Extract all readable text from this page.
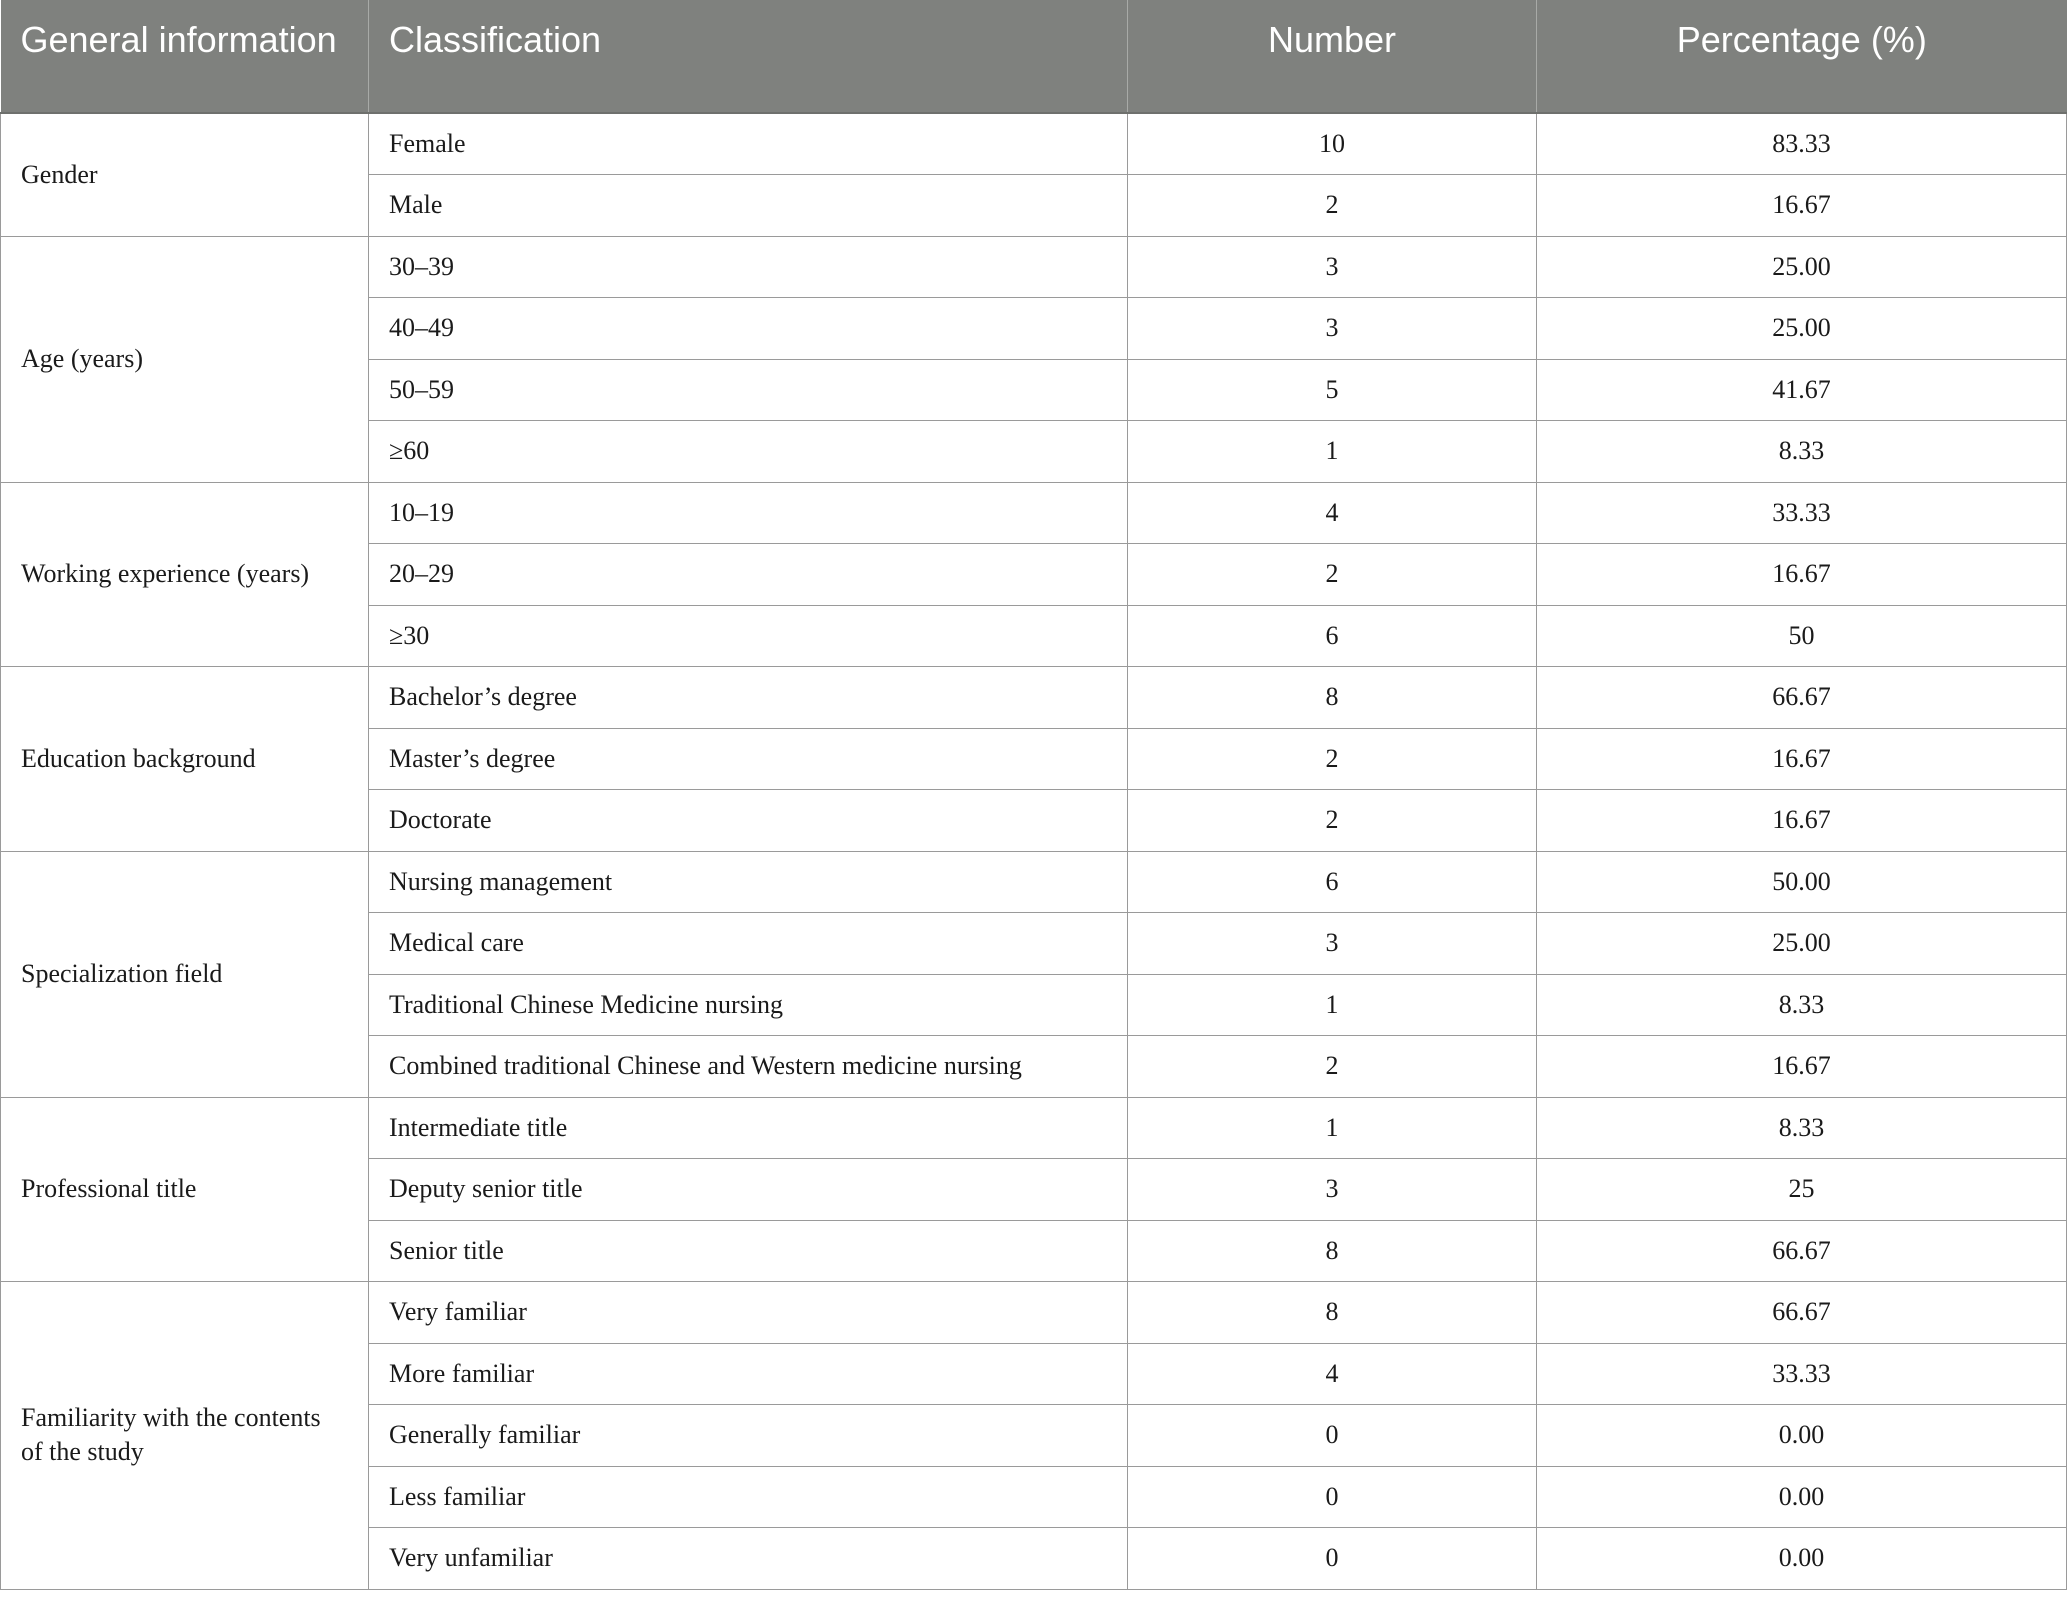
General information	Classification	Number	Percentage (%)
Gender	Female	10	83.33
	Male	2	16.67
Age (years)	30–39	3	25.00
	40–49	3	25.00
	50–59	5	41.67
	≥60	1	8.33
Working experience (years)	10–19	4	33.33
	20–29	2	16.67
	≥30	6	50
Education background	Bachelor’s degree	8	66.67
	Master’s degree	2	16.67
	Doctorate	2	16.67
Specialization field	Nursing management	6	50.00
	Medical care	3	25.00
	Traditional Chinese Medicine nursing	1	8.33
	Combined traditional Chinese and Western medicine nursing	2	16.67
Professional title	Intermediate title	1	8.33
	Deputy senior title	3	25
	Senior title	8	66.67
Familiarity with the contents of the study	Very familiar	8	66.67
	More familiar	4	33.33
	Generally familiar	0	0.00
	Less familiar	0	0.00
	Very unfamiliar	0	0.00
